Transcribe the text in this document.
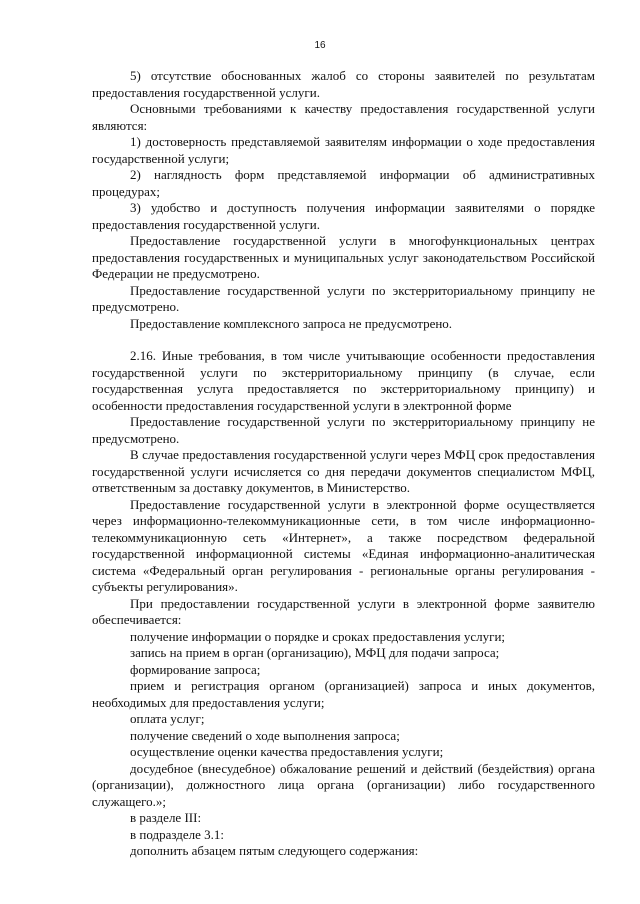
16

5) отсутствие обоснованных жалоб со стороны заявителей по результатам предоставления государственной услуги.

Основными требованиями к качеству предоставления государственной услуги являются:

1) достоверность представляемой заявителям информации о ходе предоставления государственной услуги;

2) наглядность форм представляемой информации об административных процедурах;

3) удобство и доступность получения информации заявителями о порядке предоставления государственной услуги.

Предоставление государственной услуги в многофункциональных центрах предоставления государственных и муниципальных услуг законодательством Российской Федерации не предусмотрено.

Предоставление государственной услуги по экстерриториальному принципу не предусмотрено.

Предоставление комплексного запроса не предусмотрено.

2.16. Иные требования, в том числе учитывающие особенности предоставления государственной услуги по экстерриториальному принципу (в случае, если государственная услуга предоставляется по экстерриториальному принципу) и особенности предоставления государственной услуги в электронной форме

Предоставление государственной услуги по экстерриториальному принципу не предусмотрено.

В случае предоставления государственной услуги через МФЦ срок предоставления государственной услуги исчисляется со дня передачи документов специалистом МФЦ, ответственным за доставку документов, в Министерство.

Предоставление государственной услуги в электронной форме осуществляется через информационно-телекоммуникационные сети, в том числе информационно-телекоммуникационную сеть «Интернет», а также посредством федеральной государственной информационной системы «Единая информационно-аналитическая система «Федеральный орган регулирования - региональные органы регулирования - субъекты регулирования».

При предоставлении государственной услуги в электронной форме заявителю обеспечивается:

получение информации о порядке и сроках предоставления услуги;

запись на прием в орган (организацию), МФЦ для подачи запроса;

формирование запроса;

прием и регистрация органом (организацией) запроса и иных документов, необходимых для предоставления услуги;

оплата услуг;

получение сведений о ходе выполнения запроса;

осуществление оценки качества предоставления услуги;

досудебное (внесудебное) обжалование решений и действий (бездействия) органа (организации), должностного лица органа (организации) либо государственного служащего.»;

в разделе III:

в подразделе 3.1:

дополнить абзацем пятым следующего содержания:
